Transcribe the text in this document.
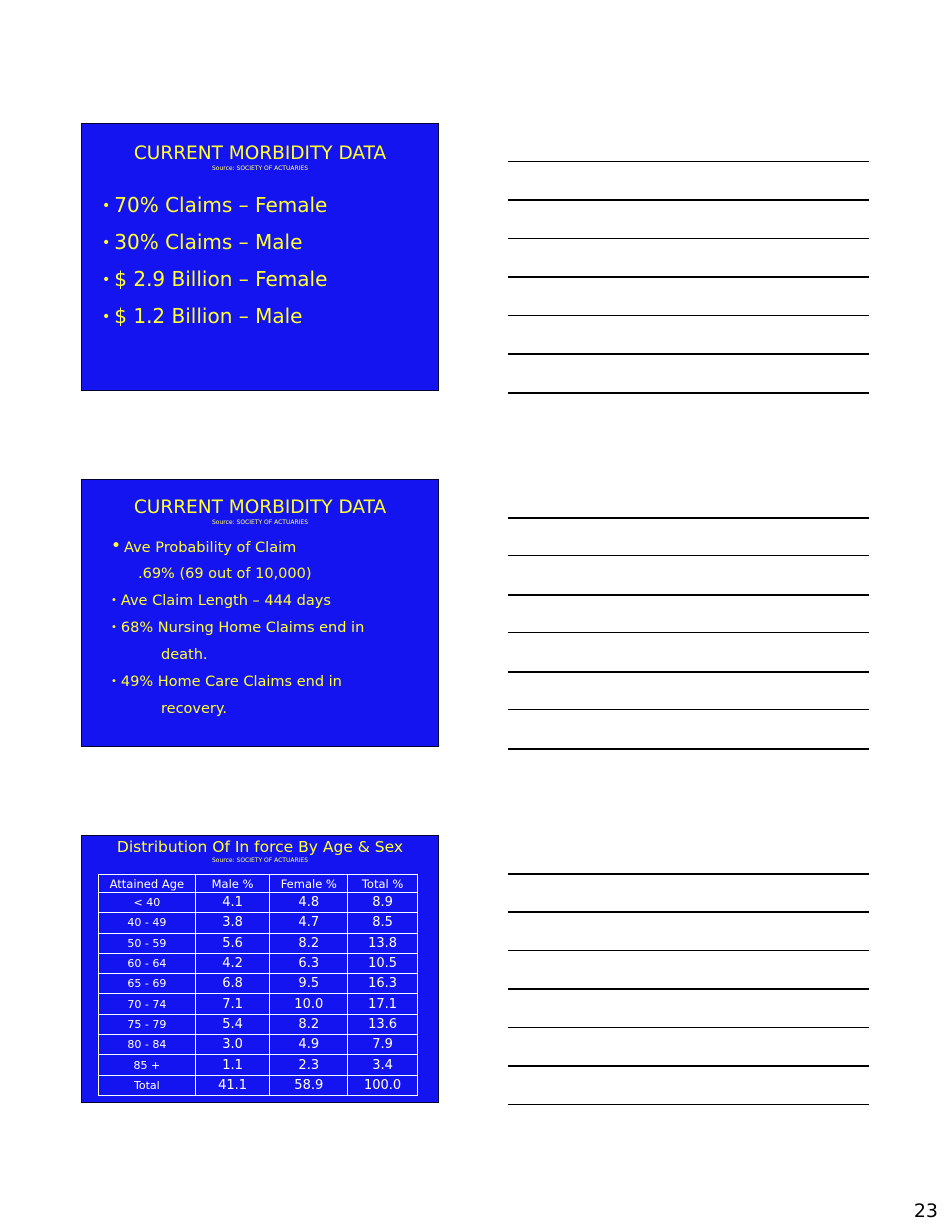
CURRENT MORBIDITY DATA
Source: SOCIETY OF ACTUARIES
• 70% Claims – Female
• 30% Claims – Male
• $ 2.9 Billion – Female
• $ 1.2 Billion – Male
CURRENT MORBIDITY DATA
Source: SOCIETY OF ACTUARIES
• Ave Probability of Claim
.69% (69 out of 10,000)
• Ave Claim Length – 444 days
• 68% Nursing Home Claims end in
death.
• 49% Home Care Claims end in
recovery.
Distribution Of In force By Age & Sex
Source: SOCIETY OF ACTUARIES
Attained Age	Male %	Female %	Total %
< 40	4.1	4.8	8.9
40 - 49	3.8	4.7	8.5
50 - 59	5.6	8.2	13.8
60 - 64	4.2	6.3	10.5
65 - 69	6.8	9.5	16.3
70 - 74	7.1	10.0	17.1
75 - 79	5.4	8.2	13.6
80 - 84	3.0	4.9	7.9
85 +	1.1	2.3	3.4
Total	41.1	58.9	100.0
23
